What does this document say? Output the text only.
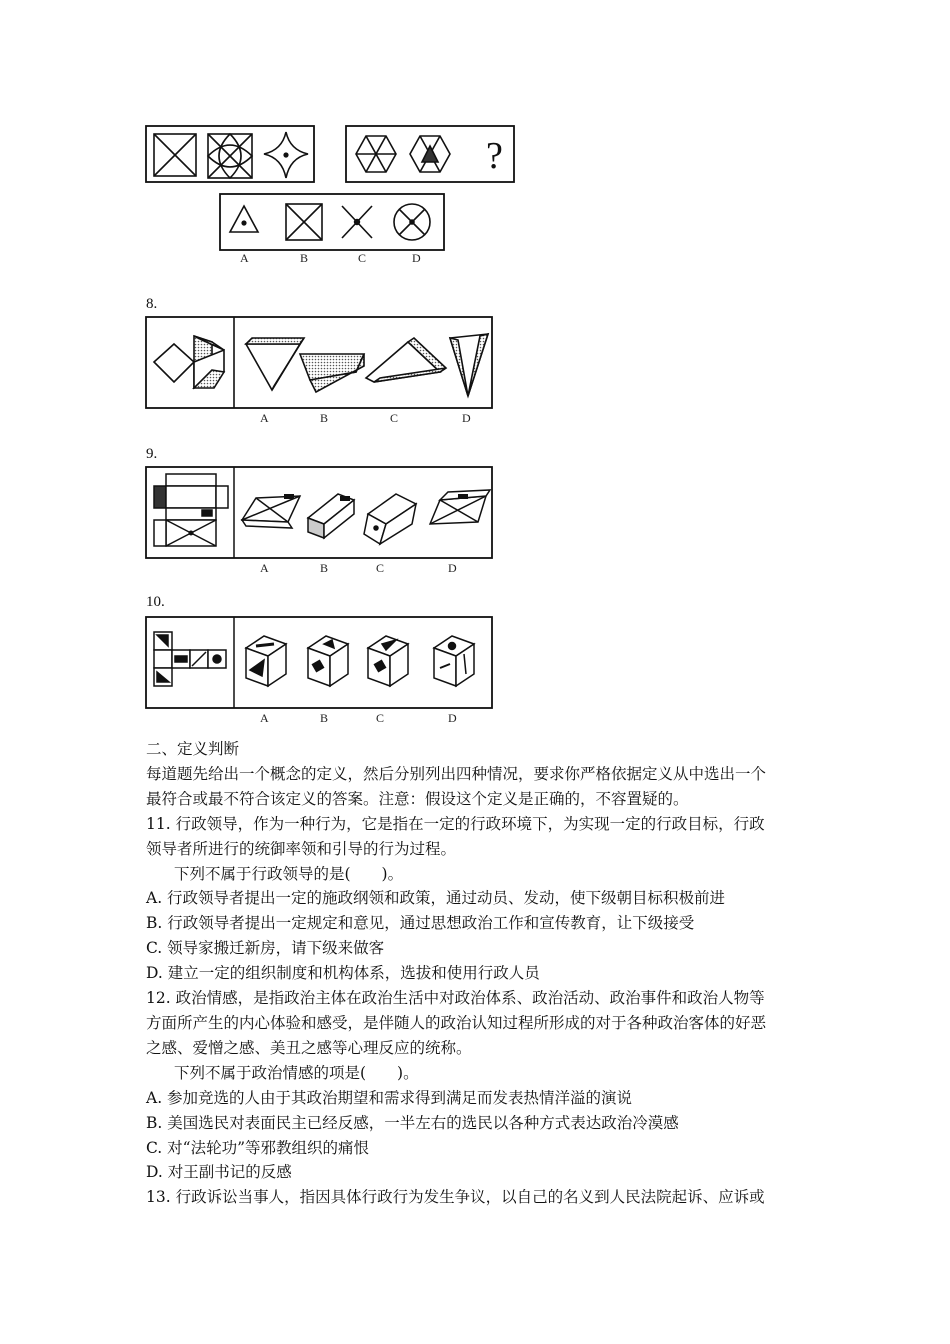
?
A	B	C	D
8.
A	B	C	D
9.
A	B	C	D
10.
A	B	C	D

二、定义判断

每道题先给出一个概念的定义，然后分别列出四种情况，要求你严格依据定义从中选出一个

最符合或最不符合该定义的答案。注意：假设这个定义是正确的，不容置疑的。

11. 行政领导，作为一种行为，它是指在一定的行政环境下，为实现一定的行政目标，行政

领导者所进行的统御率领和引导的行为过程。

下列不属于行政领导的是(　　)。

A. 行政领导者提出一定的施政纲领和政策，通过动员、发动，使下级朝目标积极前进

B. 行政领导者提出一定规定和意见，通过思想政治工作和宣传教育，让下级接受

C. 领导家搬迁新房，请下级来做客

D. 建立一定的组织制度和机构体系，选拔和使用行政人员

12. 政治情感，是指政治主体在政治生活中对政治体系、政治活动、政治事件和政治人物等

方面所产生的内心体验和感受，是伴随人的政治认知过程所形成的对于各种政治客体的好恶

之感、爱憎之感、美丑之感等心理反应的统称。

下列不属于政治情感的项是(　　)。

A. 参加竞选的人由于其政治期望和需求得到满足而发表热情洋溢的演说

B. 美国选民对表面民主已经反感，一半左右的选民以各种方式表达政治冷漠感

C. 对“法轮功”等邪教组织的痛恨

D. 对王副书记的反感

13. 行政诉讼当事人，指因具体行政行为发生争议，以自己的名义到人民法院起诉、应诉或
